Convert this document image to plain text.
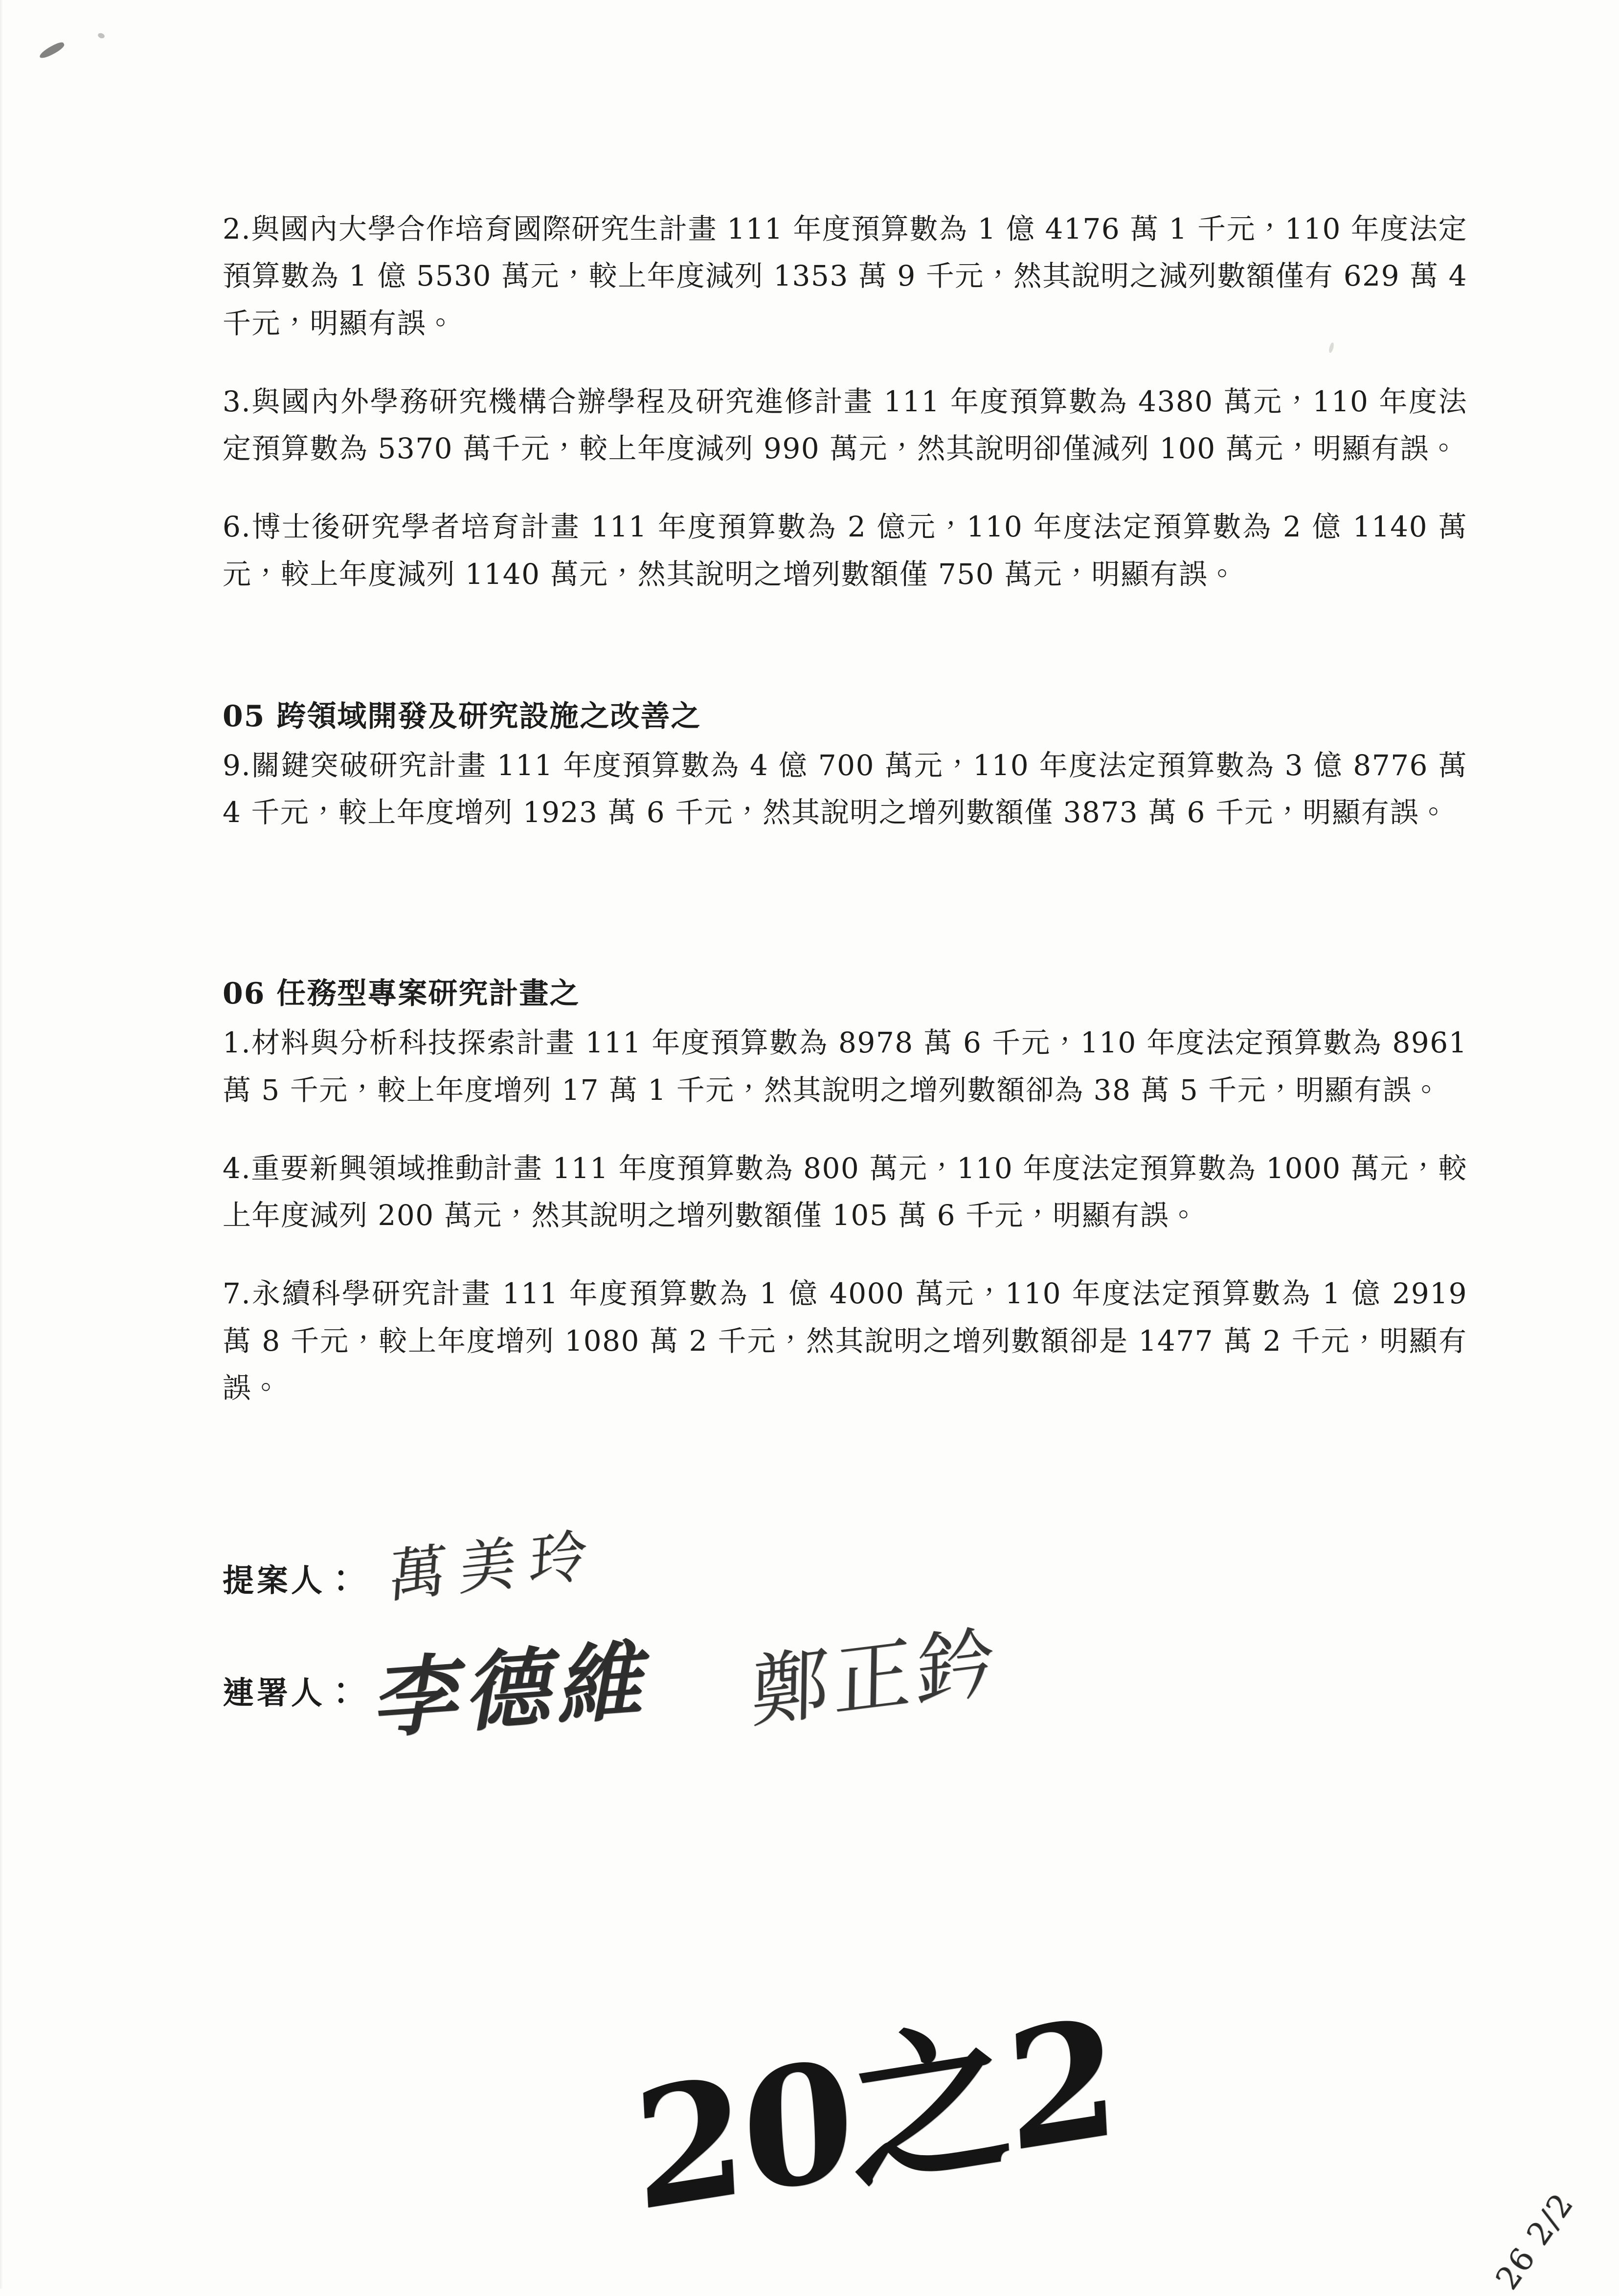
2.與國內大學合作培育國際研究生計畫 111 年度預算數為 1 億 4176 萬 1 千元，110 年度法定預算數為 1 億 5530 萬元，較上年度減列 1353 萬 9 千元，然其說明之減列數額僅有 629 萬 4 千元，明顯有誤。

3.與國內外學務研究機構合辦學程及研究進修計畫 111 年度預算數為 4380 萬元，110 年度法定預算數為 5370 萬千元，較上年度減列 990 萬元，然其說明卻僅減列 100 萬元，明顯有誤。

6.博士後研究學者培育計畫 111 年度預算數為 2 億元，110 年度法定預算數為 2 億 1140 萬元，較上年度減列 1140 萬元，然其說明之增列數額僅 750 萬元，明顯有誤。

05 跨領域開發及研究設施之改善之

9.關鍵突破研究計畫 111 年度預算數為 4 億 700 萬元，110 年度法定預算數為 3 億 8776 萬 4 千元，較上年度增列 1923 萬 6 千元，然其說明之增列數額僅 3873 萬 6 千元，明顯有誤。

06 任務型專案研究計畫之

1.材料與分析科技探索計畫 111 年度預算數為 8978 萬 6 千元，110 年度法定預算數為 8961 萬 5 千元，較上年度增列 17 萬 1 千元，然其說明之增列數額卻為 38 萬 5 千元，明顯有誤。

4.重要新興領域推動計畫 111 年度預算數為 800 萬元，110 年度法定預算數為 1000 萬元，較上年度減列 200 萬元，然其說明之增列數額僅 105 萬 6 千元，明顯有誤。

7.永續科學研究計畫 111 年度預算數為 1 億 4000 萬元，110 年度法定預算數為 1 億 2919 萬 8 千元，較上年度增列 1080 萬 2 千元，然其說明之增列數額卻是 1477 萬 2 千元，明顯有誤。

提案人： 萬美玲
連署人： 李德維 鄭正鈐
20之2	26 2/2
